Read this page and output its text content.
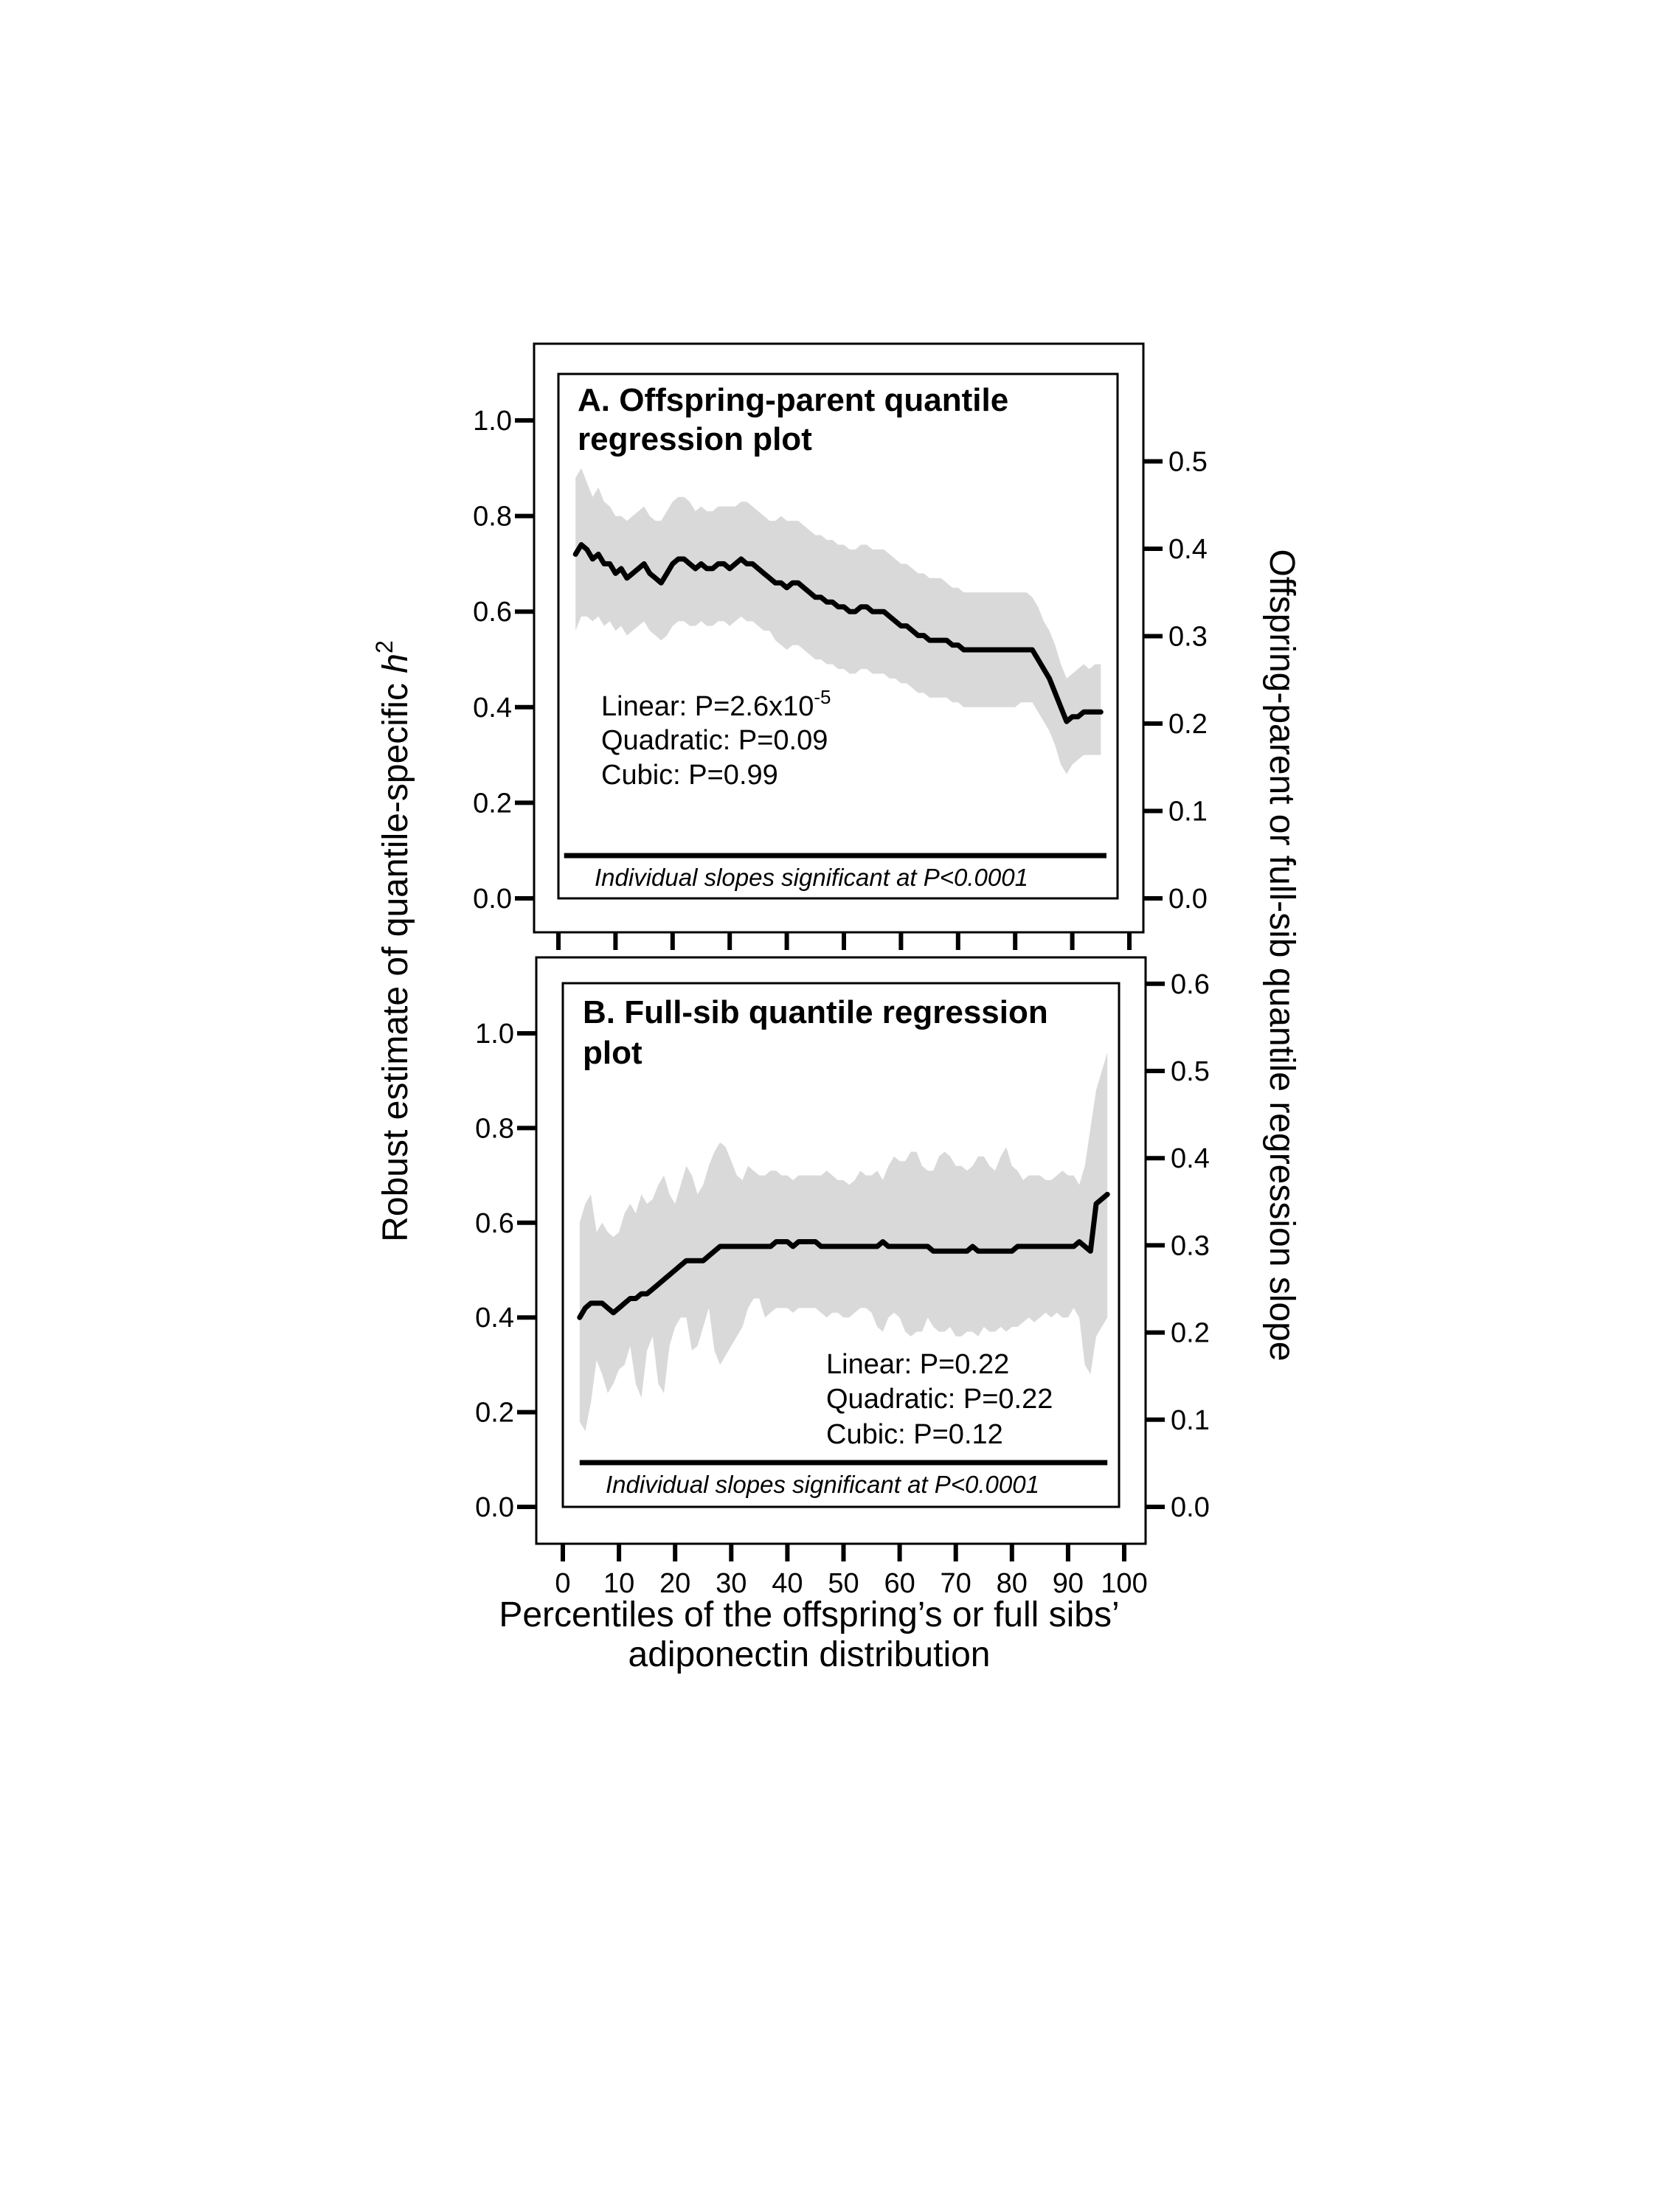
A. Offspring-parent quantile
regression plot
Linear: $P=2.6x10^{-5}$
Quadratic: P=0.09
Cubic: P=0.99
Individual slopes significant at P<0.0001
0.0
0.2
0.4
0.6
0.8
1.0
0.0
0.1
0.2
0.3
0.4
0.5
B. Full-sib quantile regression
plot
Linear: P=0.22
Quadratic: P=0.22
Cubic: P=0.12
Individual slopes significant at P<0.0001
0.0
0.2
0.4
0.6
0.8
1.0
0.0
0.1
0.2
0.3
0.4
0.5
0.6
0 10 20 30 40 50 60 70 80 90 100
Robust estimate of quantile-specific $h^2$	Offspring-parent or full-sib quantile regression slope
Percentiles of the offspring’s or full sibs’
adiponectin distribution
